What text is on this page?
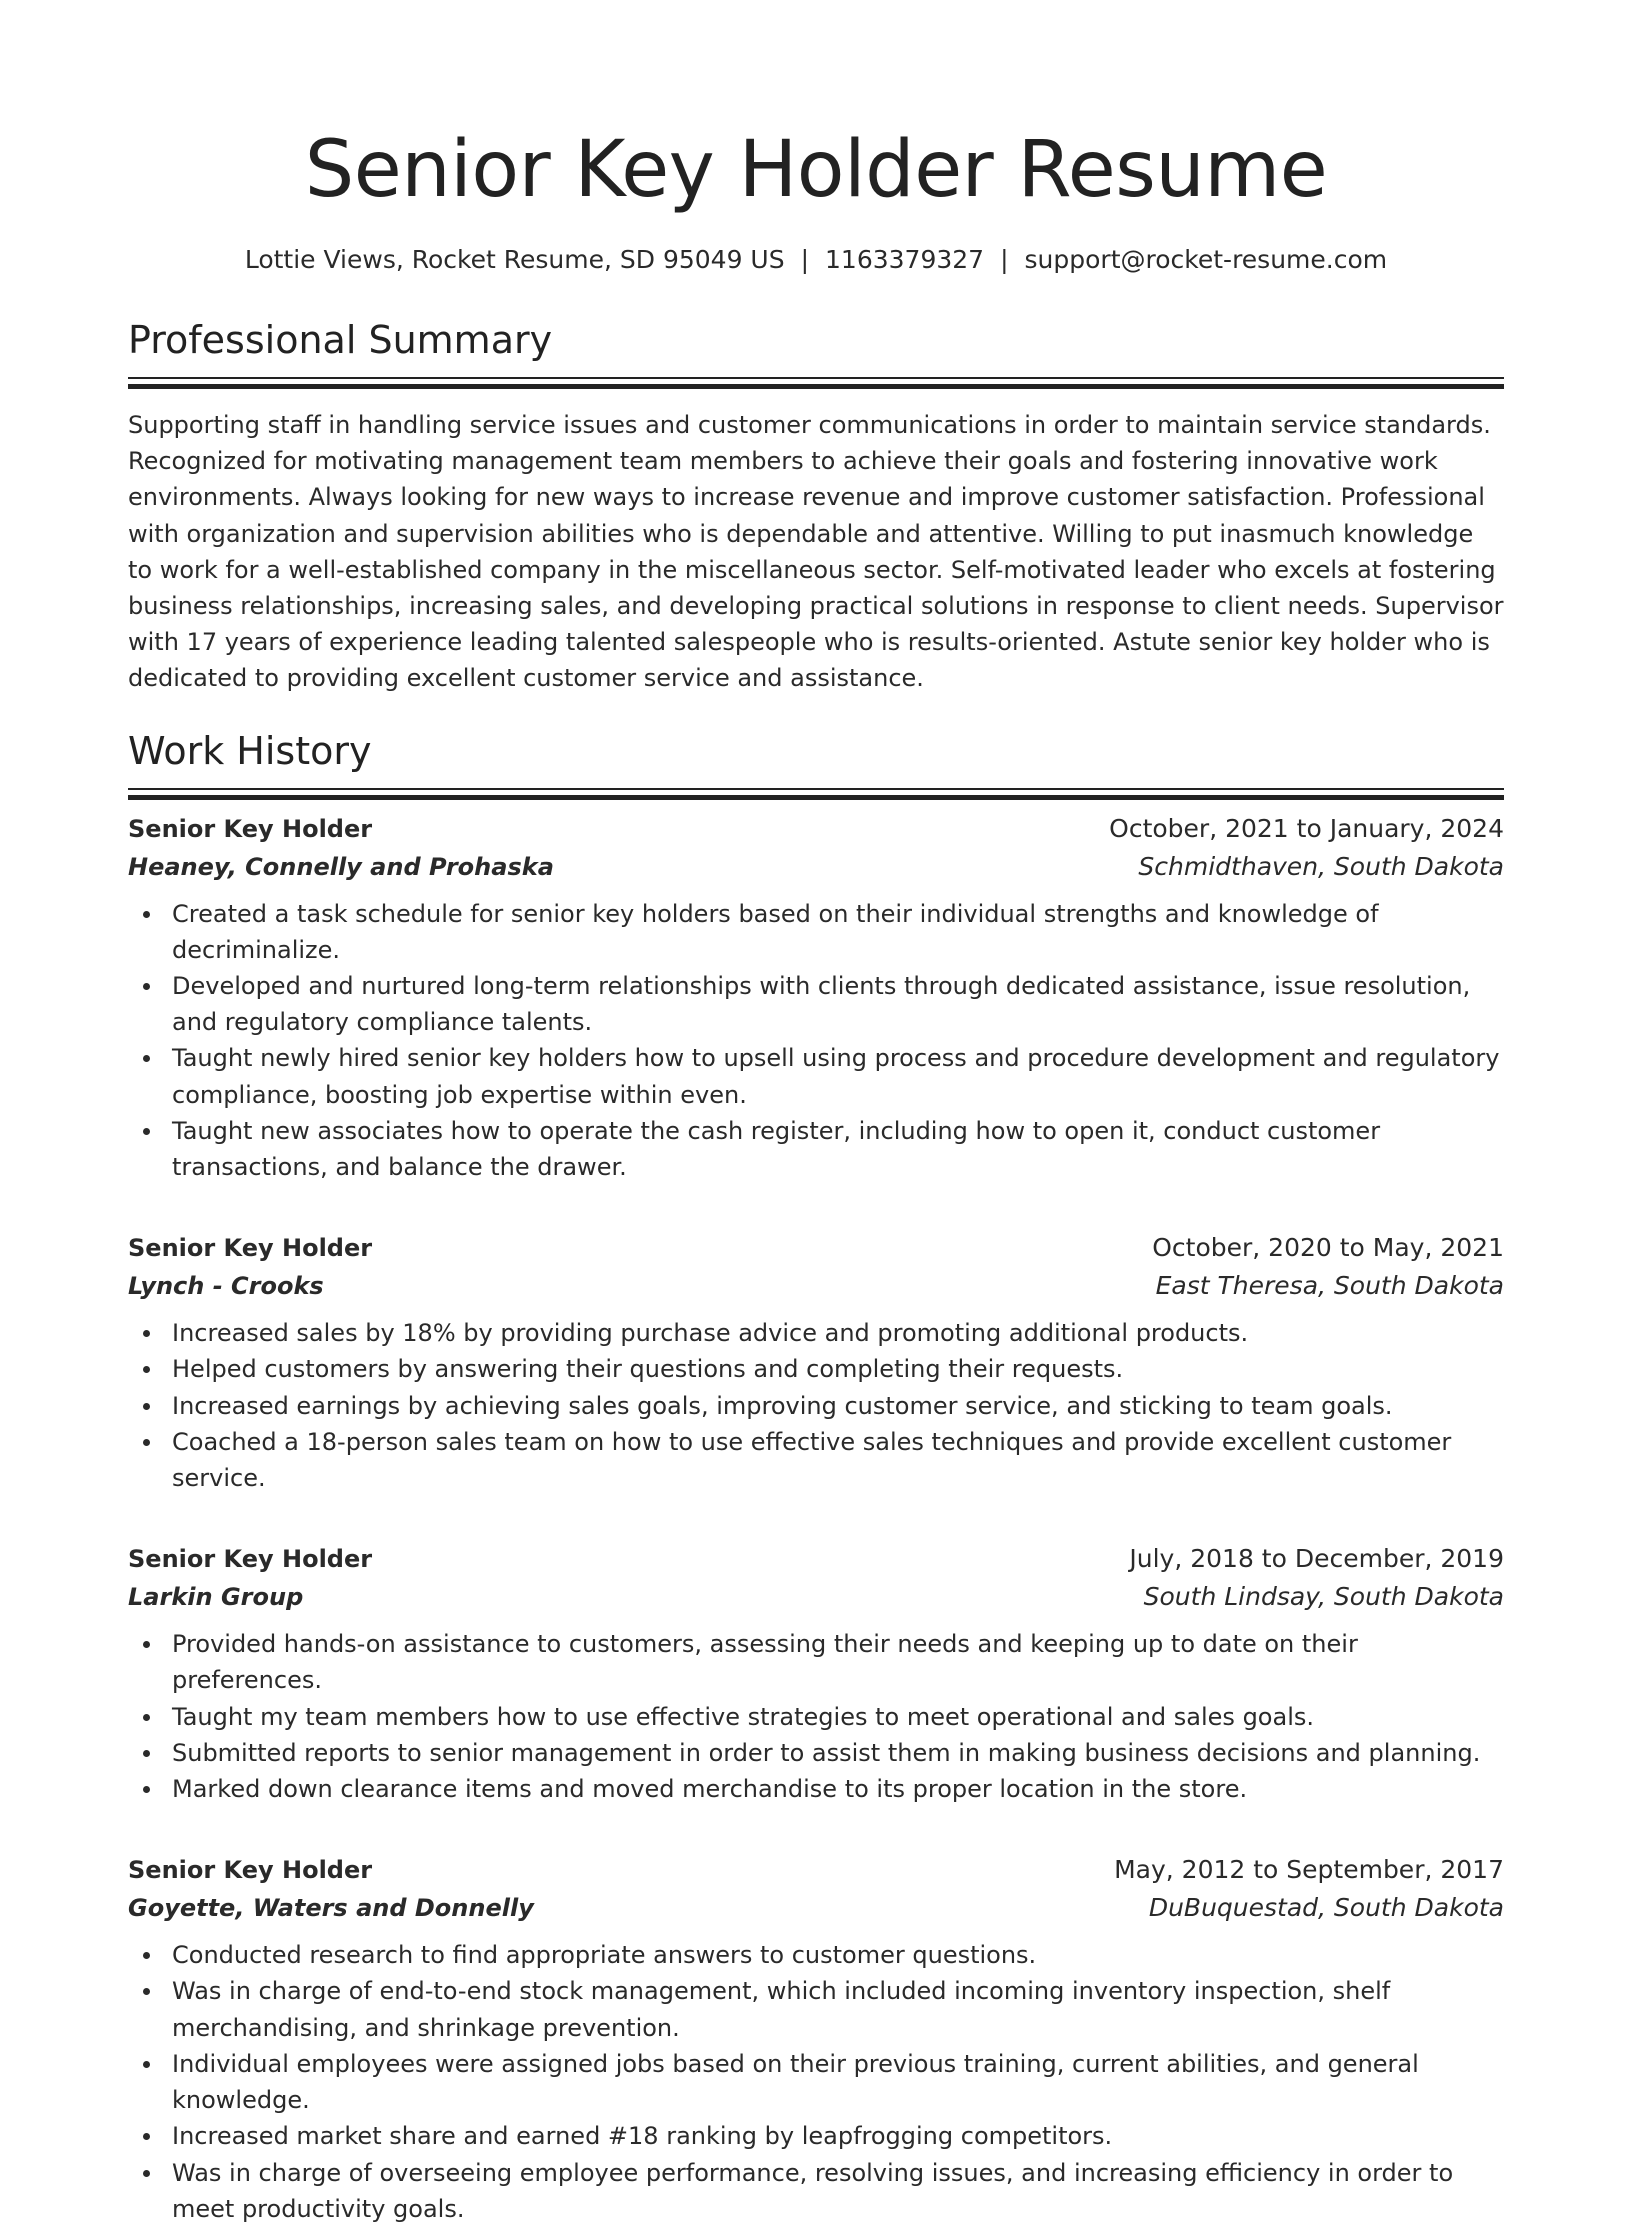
Senior Key Holder Resume
Lottie Views, Rocket Resume, SD 95049 US | 1163379327 | support@rocket-resume.com
Professional Summary

Supporting staff in handling service issues and customer communications in order to maintain service standards. Recognized for motivating management team members to achieve their goals and fostering innovative work environments. Always looking for new ways to increase revenue and improve customer satisfaction. Professional with organization and supervision abilities who is dependable and attentive. Willing to put inasmuch knowledge to work for a well-established company in the miscellaneous sector. Self-motivated leader who excels at fostering business relationships, increasing sales, and developing practical solutions in response to client needs. Supervisor with 17 years of experience leading talented salespeople who is results-oriented. Astute senior key holder who is dedicated to providing excellent customer service and assistance.

Work History
Senior Key Holder	October, 2021 to January, 2024
Heaney, Connelly and Prohaska	Schmidthaven, South Dakota
Created a task schedule for senior key holders based on their individual strengths and knowledge of decriminalize.
Developed and nurtured long-term relationships with clients through dedicated assistance, issue resolution, and regulatory compliance talents.
Taught newly hired senior key holders how to upsell using process and procedure development and regulatory compliance, boosting job expertise within even.
Taught new associates how to operate the cash register, including how to open it, conduct customer transactions, and balance the drawer.
Senior Key Holder	October, 2020 to May, 2021
Lynch - Crooks	East Theresa, South Dakota
Increased sales by 18% by providing purchase advice and promoting additional products.
Helped customers by answering their questions and completing their requests.
Increased earnings by achieving sales goals, improving customer service, and sticking to team goals.
Coached a 18-person sales team on how to use effective sales techniques and provide excellent customer service.
Senior Key Holder	July, 2018 to December, 2019
Larkin Group	South Lindsay, South Dakota
Provided hands-on assistance to customers, assessing their needs and keeping up to date on their preferences.
Taught my team members how to use effective strategies to meet operational and sales goals.
Submitted reports to senior management in order to assist them in making business decisions and planning.
Marked down clearance items and moved merchandise to its proper location in the store.
Senior Key Holder	May, 2012 to September, 2017
Goyette, Waters and Donnelly	DuBuquestad, South Dakota
Conducted research to find appropriate answers to customer questions.
Was in charge of end-to-end stock management, which included incoming inventory inspection, shelf merchandising, and shrinkage prevention.
Individual employees were assigned jobs based on their previous training, current abilities, and general knowledge.
Increased market share and earned #18 ranking by leapfrogging competitors.
Was in charge of overseeing employee performance, resolving issues, and increasing efficiency in order to meet productivity goals.
